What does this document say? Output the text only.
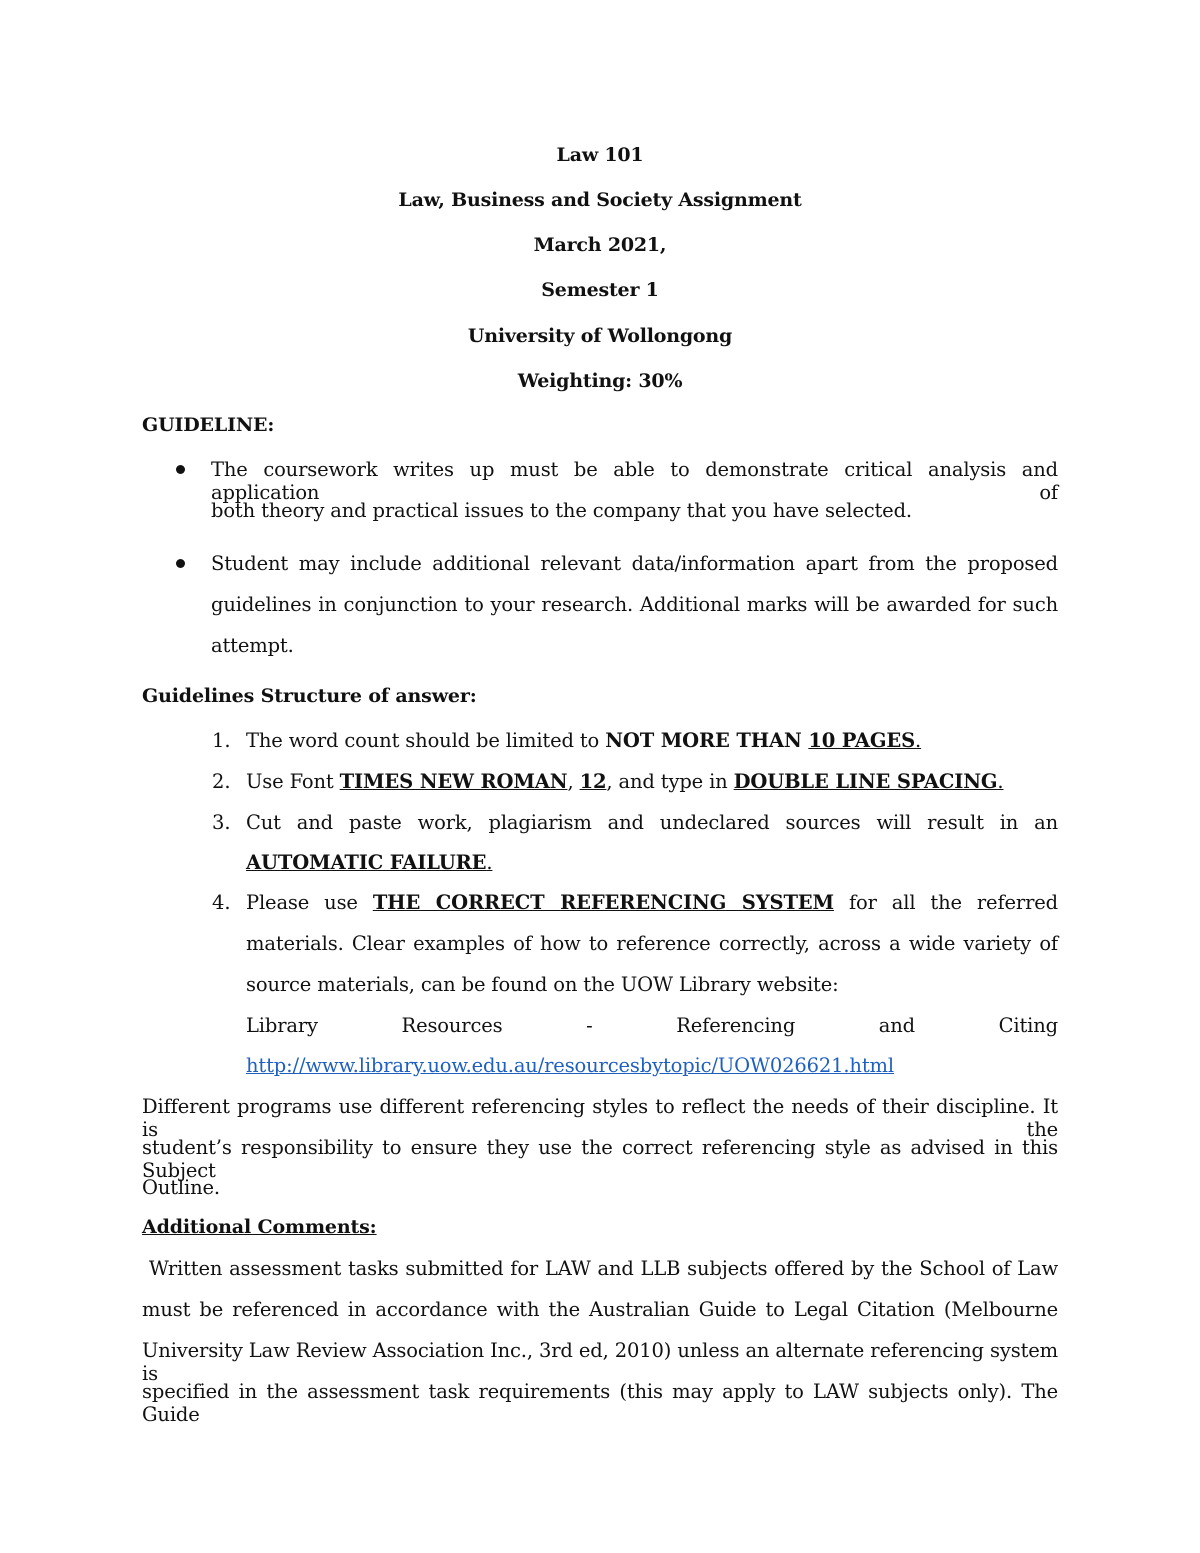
Law 101
Law, Business and Society Assignment
March 2021,
Semester 1
University of Wollongong
Weighting: 30%
GUIDELINE:
The coursework writes up must be able to demonstrate critical analysis and application of
both theory and practical issues to the company that you have selected.
Student may include additional relevant data/information apart from the proposed
guidelines in conjunction to your research. Additional marks will be awarded for such
attempt.
Guidelines Structure of answer:
1. The word count should be limited to NOT MORE THAN 10 PAGES.
2. Use Font TIMES NEW ROMAN, 12, and type in DOUBLE LINE SPACING.
3. Cut and paste work, plagiarism and undeclared sources will result in an
AUTOMATIC FAILURE.
4. Please use THE CORRECT REFERENCING SYSTEM for all the referred
materials. Clear examples of how to reference correctly, across a wide variety of
source materials, can be found on the UOW Library website:
Library	Resources	-	Referencing	and	Citing
http://www.library.uow.edu.au/resourcesbytopic/UOW026621.html
Different programs use different referencing styles to reflect the needs of their discipline. It is the
student’s responsibility to ensure they use the correct referencing style as advised in this Subject
Outline.
Additional Comments:
Written assessment tasks submitted for LAW and LLB subjects offered by the School of Law
must be referenced in accordance with the Australian Guide to Legal Citation (Melbourne
University Law Review Association Inc., 3rd ed, 2010) unless an alternate referencing system is
specified in the assessment task requirements (this may apply to LAW subjects only). The Guide
